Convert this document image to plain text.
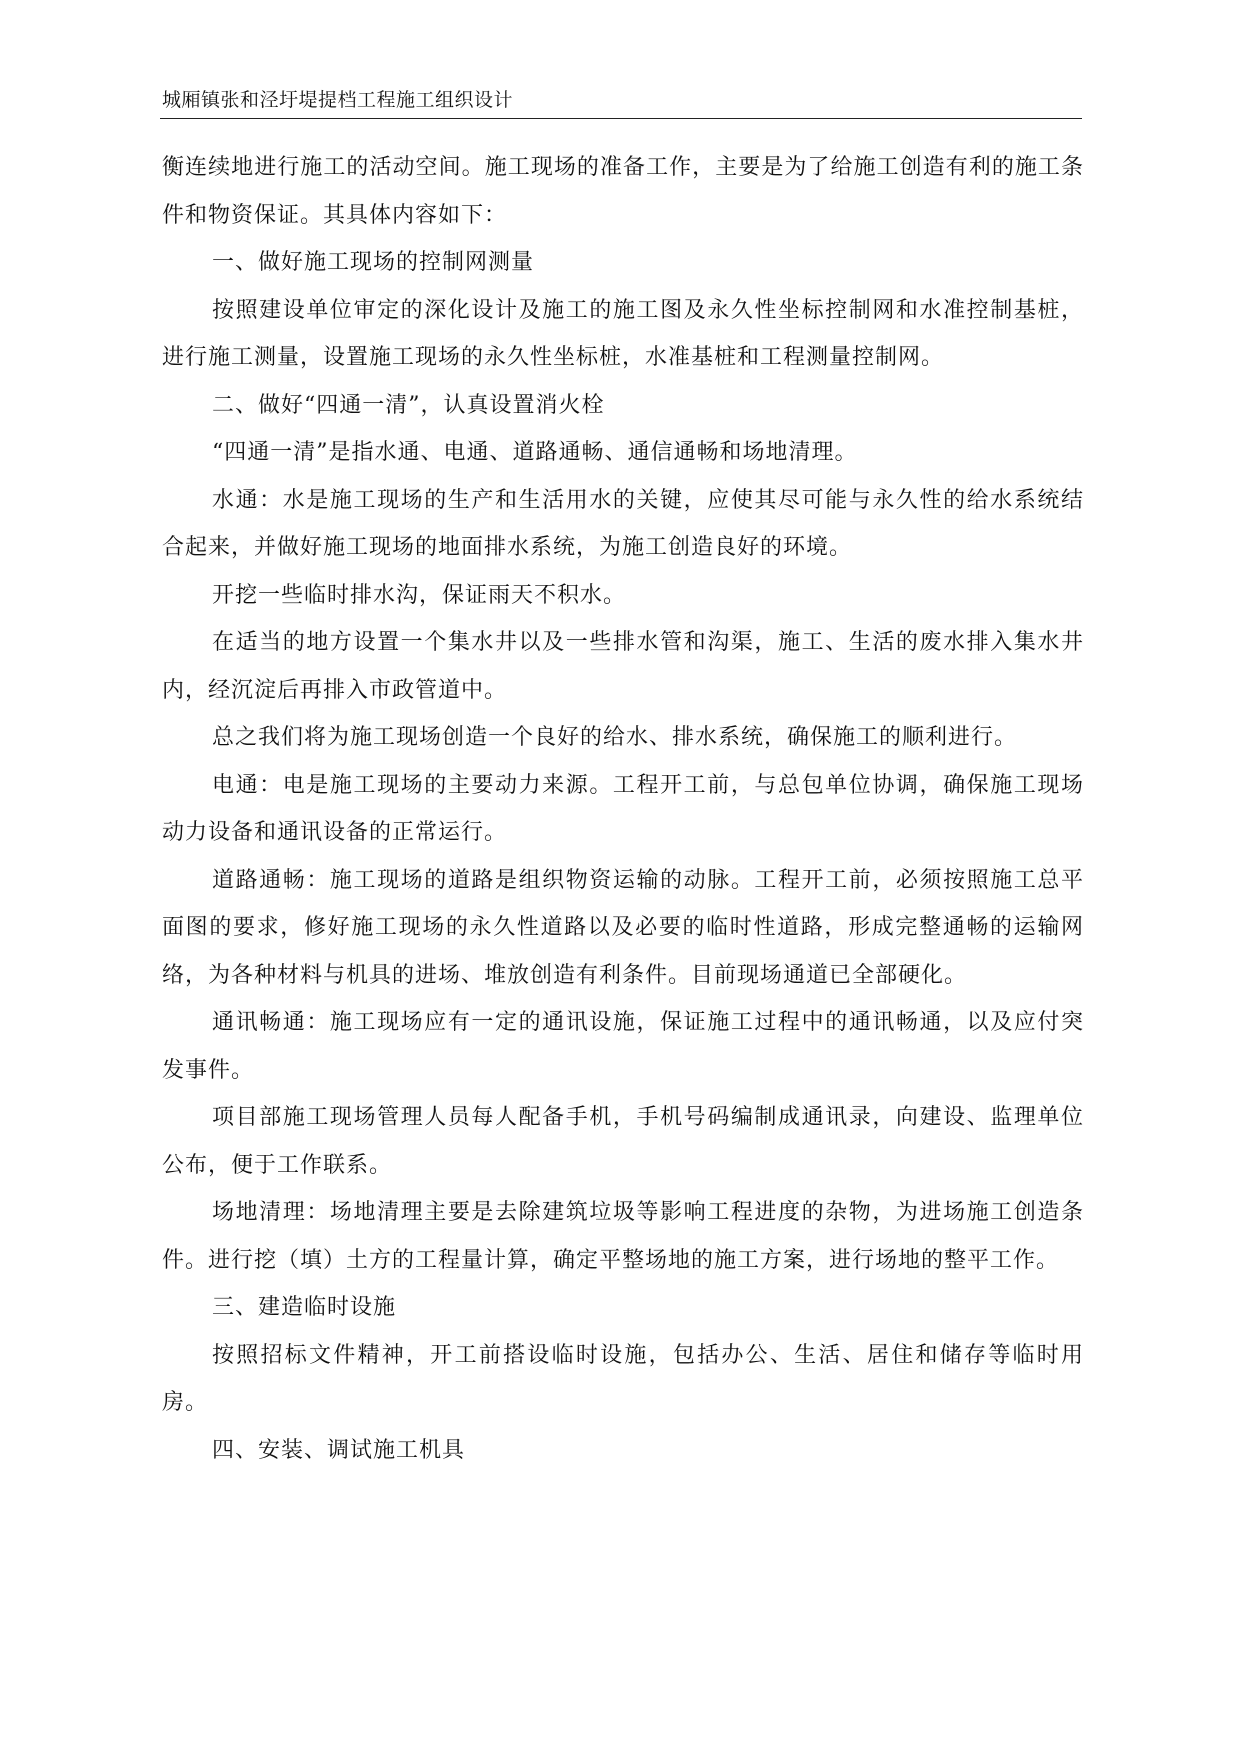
城厢镇张和泾圩堤提档工程施工组织设计

衡连续地进行施工的活动空间。施工现场的准备工作，主要是为了给施工创造有利的施工条件和物资保证。其具体内容如下：

一、做好施工现场的控制网测量

按照建设单位审定的深化设计及施工的施工图及永久性坐标控制网和水准控制基桩，进行施工测量，设置施工现场的永久性坐标桩，水准基桩和工程测量控制网。

二、做好“四通一清”，认真设置消火栓

“四通一清”是指水通、电通、道路通畅、通信通畅和场地清理。

水通：水是施工现场的生产和生活用水的关键，应使其尽可能与永久性的给水系统结合起来，并做好施工现场的地面排水系统，为施工创造良好的环境。

开挖一些临时排水沟，保证雨天不积水。

在适当的地方设置一个集水井以及一些排水管和沟渠，施工、生活的废水排入集水井内，经沉淀后再排入市政管道中。

总之我们将为施工现场创造一个良好的给水、排水系统，确保施工的顺利进行。

电通：电是施工现场的主要动力来源。工程开工前，与总包单位协调，确保施工现场动力设备和通讯设备的正常运行。

道路通畅：施工现场的道路是组织物资运输的动脉。工程开工前，必须按照施工总平面图的要求，修好施工现场的永久性道路以及必要的临时性道路，形成完整通畅的运输网络，为各种材料与机具的进场、堆放创造有利条件。目前现场通道已全部硬化。

通讯畅通：施工现场应有一定的通讯设施，保证施工过程中的通讯畅通，以及应付突发事件。

项目部施工现场管理人员每人配备手机，手机号码编制成通讯录，向建设、监理单位公布，便于工作联系。

场地清理：场地清理主要是去除建筑垃圾等影响工程进度的杂物，为进场施工创造条件。进行挖（填）土方的工程量计算，确定平整场地的施工方案，进行场地的整平工作。

三、建造临时设施

按照招标文件精神，开工前搭设临时设施，包括办公、生活、居住和储存等临时用房。

四、安装、调试施工机具
